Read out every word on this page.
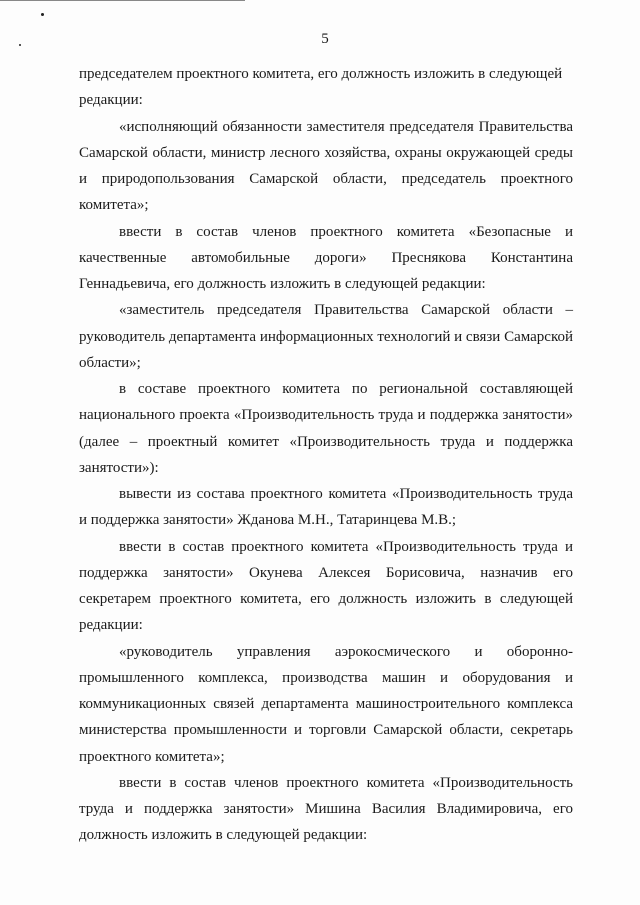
5

председателем проектного комитета, его должность изложить в следующей
редакции:

«исполняющий обязанности заместителя председателя Правительства Самарской области, министр лесного хозяйства, охраны окружающей среды и природопользования Самарской области, председатель проектного комитета»;

ввести в состав членов проектного комитета «Безопасные и качественные автомобильные дороги» Преснякова Константина Геннадьевича, его должность изложить в следующей редакции:

«заместитель председателя Правительства Самарской области – руководитель департамента информационных технологий и связи Самарской области»;

в составе проектного комитета по региональной составляющей национального проекта «Производительность труда и поддержка занятости» (далее – проектный комитет «Производительность труда и поддержка занятости»):

вывести из состава проектного комитета «Производительность труда и поддержка занятости» Жданова М.Н., Татаринцева М.В.;

ввести в состав проектного комитета «Производительность труда и поддержка занятости» Окунева Алексея Борисовича, назначив его секретарем проектного комитета, его должность изложить в следующей редакции:

«руководитель управления аэрокосмического и оборонно- промышленного комплекса, производства машин и оборудования и коммуникационных связей департамента машиностроительного комплекса министерства промышленности и торговли Самарской области, секретарь проектного комитета»;

ввести в состав членов проектного комитета «Производительность труда и поддержка занятости» Мишина Василия Владимировича, его должность изложить в следующей редакции:
